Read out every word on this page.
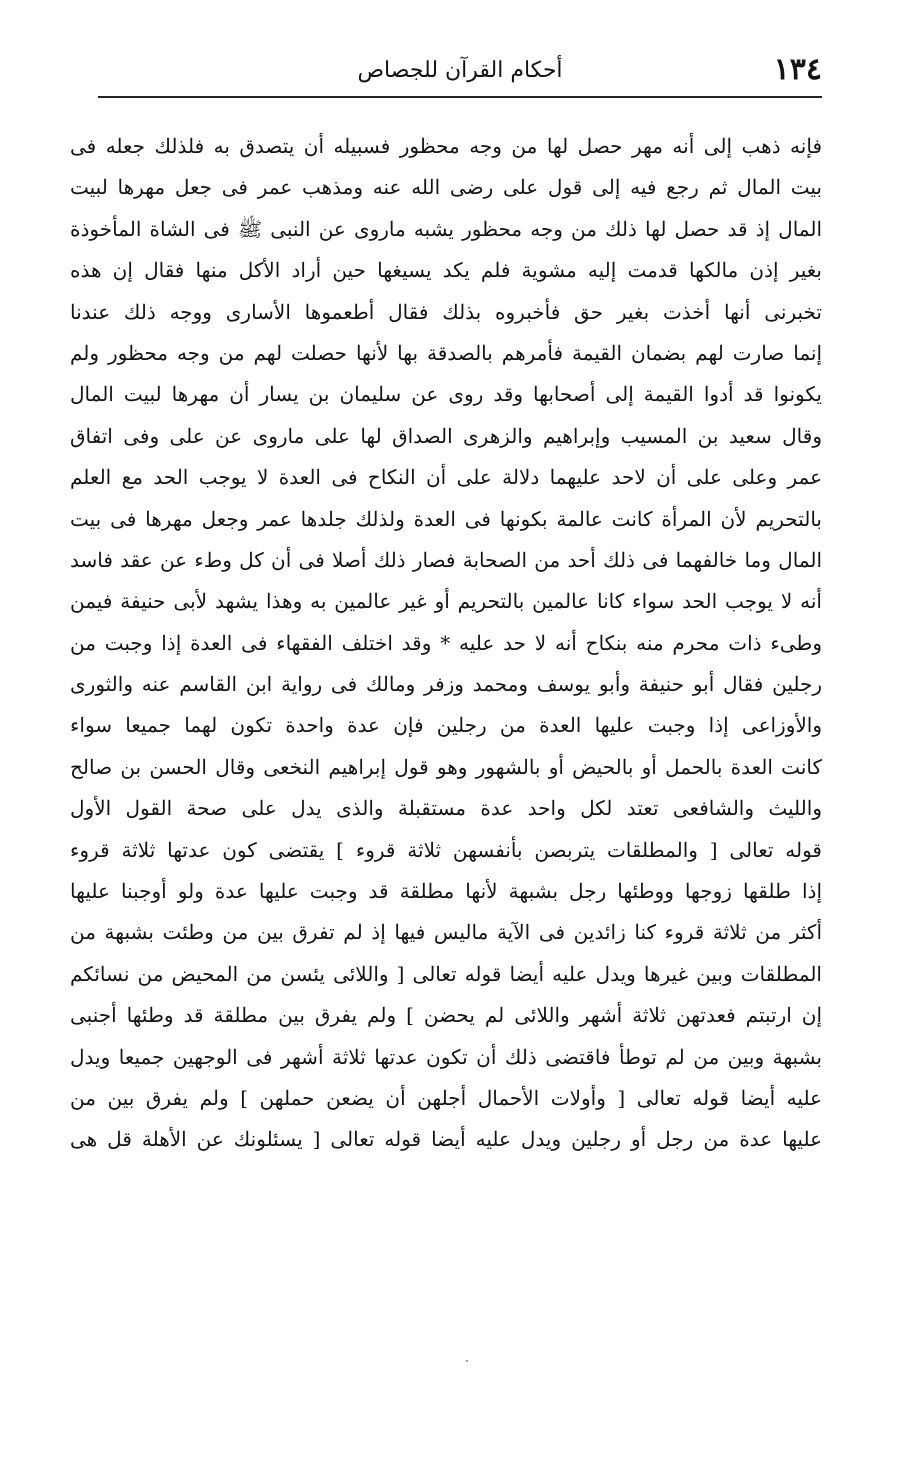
١٣٤
أحكام القرآن للجصاص
فإنه ذهب إلى أنه مهر حصل لها من وجه محظور فسبيله أن يتصدق به فلذلك جعله فى
بيت المال ثم رجع فيه إلى قول على رضى الله عنه ومذهب عمر فى جعل مهرها لبيت
المال إذ قد حصل لها ذلك من وجه محظور يشبه ماروى عن النبى ﷺ فى الشاة المأخوذة
بغير إذن مالكها قدمت إليه مشوية فلم يكد يسيغها حين أراد الأكل منها فقال إن هذه
تخبرنى أنها أخذت بغير حق فأخبروه بذلك فقال أطعموها الأسارى ووجه ذلك عندنا
إنما صارت لهم بضمان القيمة فأمرهم بالصدقة بها لأنها حصلت لهم من وجه محظور ولم
يكونوا قد أدوا القيمة إلى أصحابها وقد روى عن سليمان بن يسار أن مهرها لبيت المال
وقال سعيد بن المسيب وإبراهيم والزهرى الصداق لها على ماروى عن على وفى اتفاق
عمر وعلى على أن لاحد عليهما دلالة على أن النكاح فى العدة لا يوجب الحد مع العلم
بالتحريم لأن المرأة كانت عالمة بكونها فى العدة ولذلك جلدها عمر وجعل مهرها فى بيت
المال وما خالفهما فى ذلك أحد من الصحابة فصار ذلك أصلا فى أن كل وطء عن عقد فاسد
أنه لا يوجب الحد سواء كانا عالمين بالتحريم أو غير عالمين به وهذا يشهد لأبى حنيفة فيمن
وطىء ذات محرم منه بنكاح أنه لا حد عليه * وقد اختلف الفقهاء فى العدة إذا وجبت من
رجلين فقال أبو حنيفة وأبو يوسف ومحمد وزفر ومالك فى رواية ابن القاسم عنه والثورى
والأوزاعى إذا وجبت عليها العدة من رجلين فإن عدة واحدة تكون لهما جميعا سواء
كانت العدة بالحمل أو بالحيض أو بالشهور وهو قول إبراهيم النخعى وقال الحسن بن صالح
والليث والشافعى تعتد لكل واحد عدة مستقبلة والذى يدل على صحة القول الأول
قوله تعالى [ والمطلقات يتربصن بأنفسهن ثلاثة قروء ] يقتضى كون عدتها ثلاثة قروء
إذا طلقها زوجها ووطئها رجل بشبهة لأنها مطلقة قد وجبت عليها عدة ولو أوجبنا عليها
أكثر من ثلاثة قروء كنا زائدين فى الآية ماليس فيها إذ لم تفرق بين من وطئت بشبهة من
المطلقات وبين غيرها ويدل عليه أيضا قوله تعالى [ واللائى يئسن من المحيض من نسائكم
إن ارتبتم فعدتهن ثلاثة أشهر واللائى لم يحضن ] ولم يفرق بين مطلقة قد وطئها أجنبى
بشبهة وبين من لم توطأ فاقتضى ذلك أن تكون عدتها ثلاثة أشهر فى الوجهين جميعا ويدل
عليه أيضا قوله تعالى [ وأولات الأحمال أجلهن أن يضعن حملهن ] ولم يفرق بين من
عليها عدة من رجل أو رجلين ويدل عليه أيضا قوله تعالى [ يسئلونك عن الأهلة قل هى
